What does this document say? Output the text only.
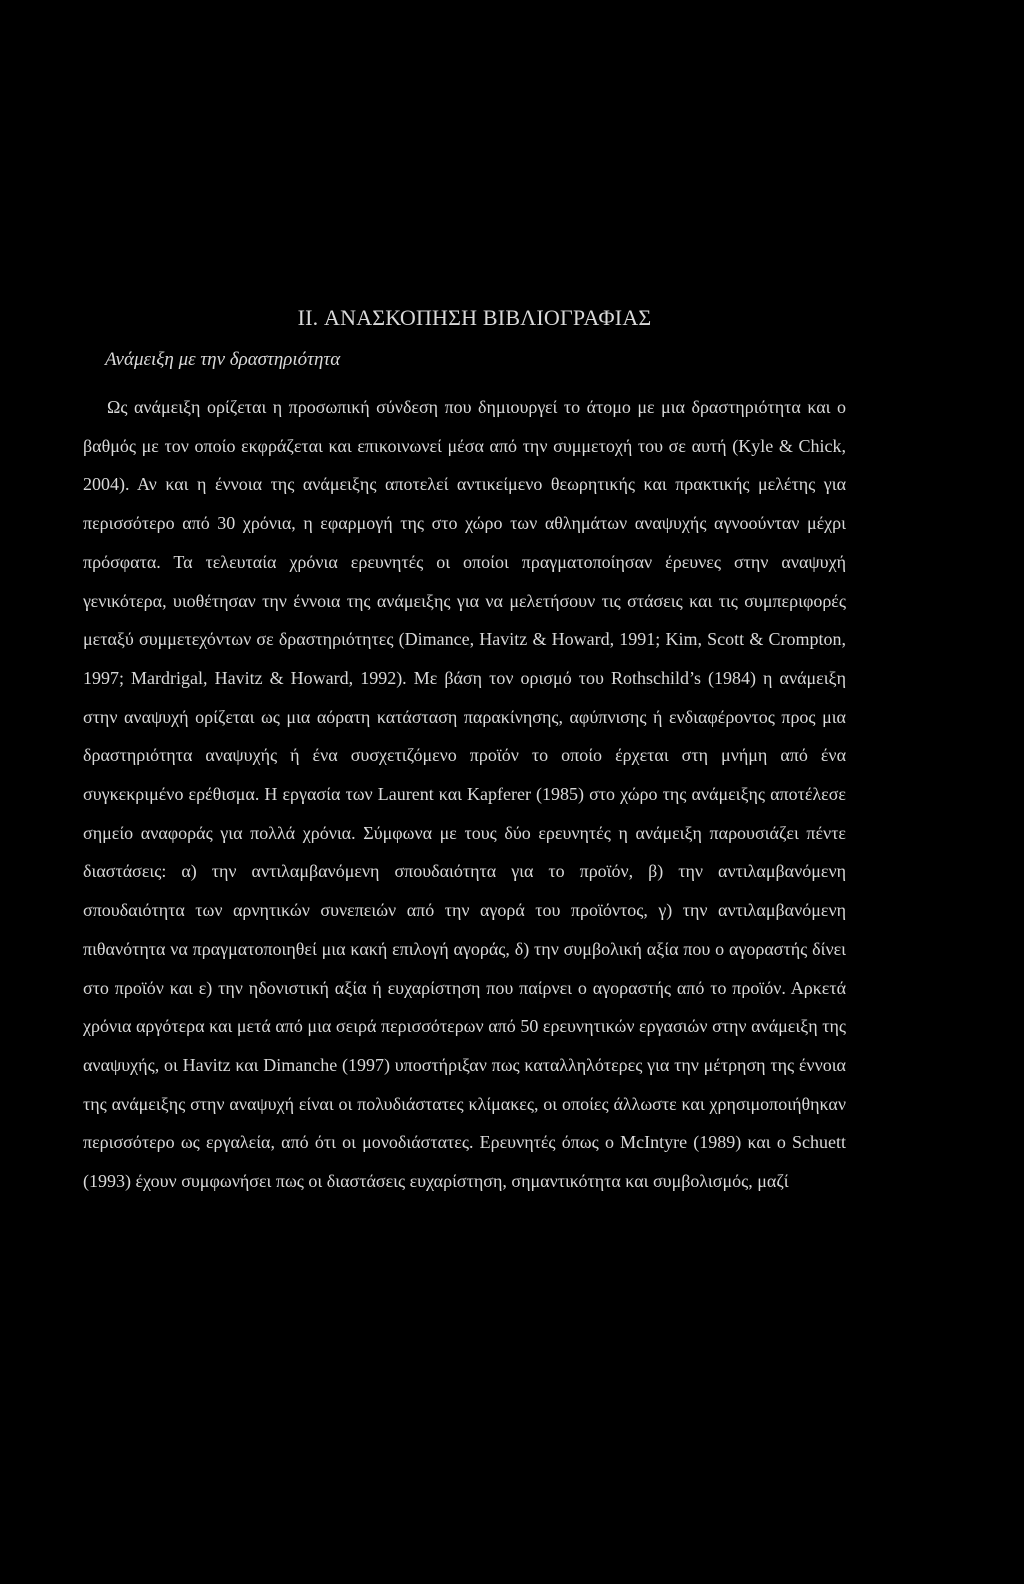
II. ΑΝΑΣΚΟΠΗΣΗ ΒΙΒΛΙΟΓΡΑΦΙΑΣ
Ανάμειξη με την δραστηριότητα

Ως ανάμειξη ορίζεται η προσωπική σύνδεση που δημιουργεί το άτομο με μια δραστηριότητα και ο βαθμός με τον οποίο εκφράζεται και επικοινωνεί μέσα από την συμμετοχή του σε αυτή (Kyle & Chick, 2004). Αν και η έννοια της ανάμειξης αποτελεί αντικείμενο θεωρητικής και πρακτικής μελέτης για περισσότερο από 30 χρόνια, η εφαρμογή της στο χώρο των αθλημάτων αναψυχής αγνοούνταν μέχρι πρόσφατα. Τα τελευταία χρόνια ερευνητές οι οποίοι πραγματοποίησαν έρευνες στην αναψυχή γενικότερα, υιοθέτησαν την έννοια της ανάμειξης για να μελετήσουν τις στάσεις και τις συμπεριφορές μεταξύ συμμετεχόντων σε δραστηριότητες (Dimance, Havitz & Howard, 1991; Kim, Scott & Crompton, 1997; Mardrigal, Havitz & Howard, 1992). Με βάση τον ορισμό του Rothschild’s (1984) η ανάμειξη στην αναψυχή ορίζεται ως μια αόρατη κατάσταση παρακίνησης, αφύπνισης ή ενδιαφέροντος προς μια δραστηριότητα αναψυχής ή ένα συσχετιζόμενο προϊόν το οποίο έρχεται στη μνήμη από ένα συγκεκριμένο ερέθισμα. Η εργασία των Laurent και Kapferer (1985) στο χώρο της ανάμειξης αποτέλεσε σημείο αναφοράς για πολλά χρόνια. Σύμφωνα με τους δύο ερευνητές η ανάμειξη παρουσιάζει πέντε διαστάσεις: α) την αντιλαμβανόμενη σπουδαιότητα για το προϊόν, β) την αντιλαμβανόμενη σπουδαιότητα των αρνητικών συνεπειών από την αγορά του προϊόντος, γ) την αντιλαμβανόμενη πιθανότητα να πραγματοποιηθεί μια κακή επιλογή αγοράς, δ) την συμβολική αξία που ο αγοραστής δίνει στο προϊόν και ε) την ηδονιστική αξία ή ευχαρίστηση που παίρνει ο αγοραστής από το προϊόν. Αρκετά χρόνια αργότερα και μετά από μια σειρά περισσότερων από 50 ερευνητικών εργασιών στην ανάμειξη της αναψυχής, οι Havitz και Dimanche (1997) υποστήριξαν πως καταλληλότερες για την μέτρηση της έννοια της ανάμειξης στην αναψυχή είναι οι πολυδιάστατες κλίμακες, οι οποίες άλλωστε και χρησιμοποιήθηκαν περισσότερο ως εργαλεία, από ότι οι μονοδιάστατες. Ερευνητές όπως ο McIntyre (1989) και ο Schuett (1993) έχουν συμφωνήσει πως οι διαστάσεις ευχαρίστηση, σημαντικότητα και συμβολισμός, μαζί
